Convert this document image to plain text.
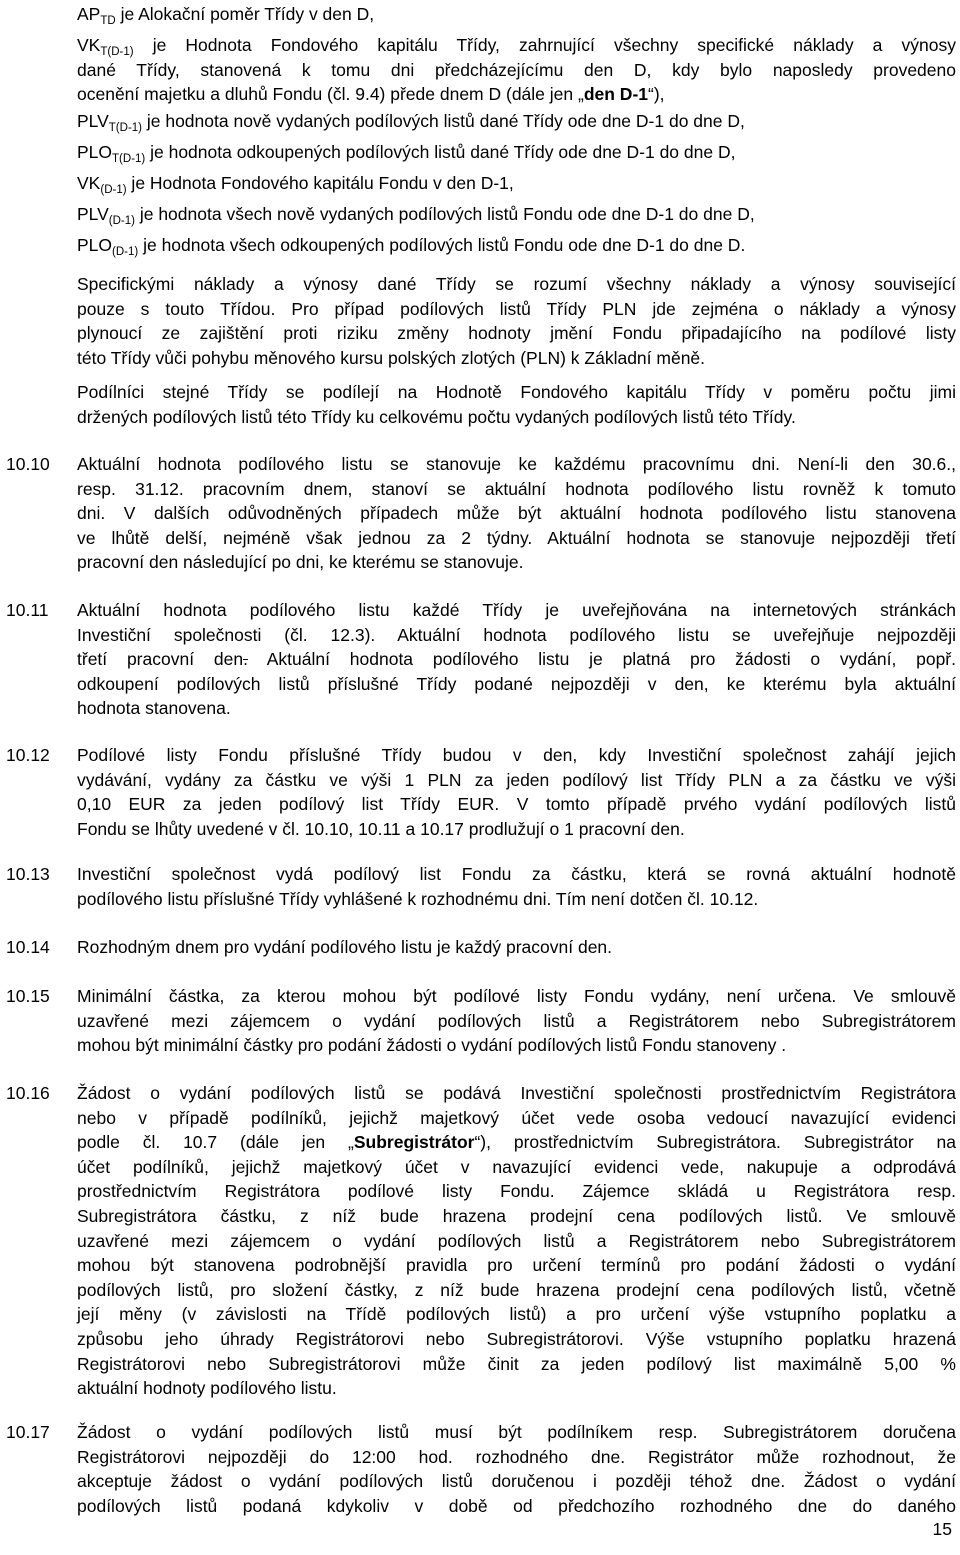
$AP_{TD}$ je Alokační poměr Třídy v den D,
$VK_{T(D-1)}$ je Hodnota Fondového kapitálu Třídy, zahrnující všechny specifické náklady a výnosy
dané Třídy, stanovená k tomu dni předcházejícímu den D, kdy bylo naposledy provedeno
ocenění majetku a dluhů Fondu (čl. 9.4) přede dnem D (dále jen „den D-1“),
$PLV_{T(D-1)}$ je hodnota nově vydaných podílových listů dané Třídy ode dne D-1 do dne D,
$PLO_{T(D-1)}$ je hodnota odkoupených podílových listů dané Třídy ode dne D-1 do dne D,
$VK_{(D-1)}$ je Hodnota Fondového kapitálu Fondu v den D-1,
$PLV_{(D-1)}$ je hodnota všech nově vydaných podílových listů Fondu ode dne D-1 do dne D,
$PLO_{(D-1)}$ je hodnota všech odkoupených podílových listů Fondu ode dne D-1 do dne D.
Specifickými náklady a výnosy dané Třídy se rozumí všechny náklady a výnosy související
pouze s touto Třídou. Pro případ podílových listů Třídy PLN jde zejména o náklady a výnosy
plynoucí ze zajištění proti riziku změny hodnoty jmění Fondu připadajícího na podílové listy
této Třídy vůči pohybu měnového kursu polských zlotých (PLN) k Základní měně.
Podílníci stejné Třídy se podílejí na Hodnotě Fondového kapitálu Třídy v poměru počtu jimi
držených podílových listů této Třídy ku celkovému počtu vydaných podílových listů této Třídy.
10.10 Aktuální hodnota podílového listu se stanovuje ke každému pracovnímu dni. Není-li den 30.6.,
resp. 31.12. pracovním dnem, stanoví se aktuální hodnota podílového listu rovněž k tomuto
dni. V dalších odůvodněných případech může být aktuální hodnota podílového listu stanovena
ve lhůtě delší, nejméně však jednou za 2 týdny. Aktuální hodnota se stanovuje nejpozději třetí
pracovní den následující po dni, ke kterému se stanovuje.
10.11 Aktuální hodnota podílového listu každé Třídy je uveřejňována na internetových stránkách
Investiční společnosti (čl. 12.3). Aktuální hodnota podílového listu se uveřejňuje nejpozději
třetí pracovní den. Aktuální hodnota podílového listu je platná pro žádosti o vydání, popř.
odkoupení podílových listů příslušné Třídy podané nejpozději v den, ke kterému byla aktuální
hodnota stanovena.
10.12 Podílové listy Fondu příslušné Třídy budou v den, kdy Investiční společnost zahájí jejich
vydávání, vydány za částku ve výši 1 PLN za jeden podílový list Třídy PLN a za částku ve výši
0,10 EUR za jeden podílový list Třídy EUR. V tomto případě prvého vydání podílových listů
Fondu se lhůty uvedené v čl. 10.10, 10.11 a 10.17 prodlužují o 1 pracovní den.
10.13 Investiční společnost vydá podílový list Fondu za částku, která se rovná aktuální hodnotě
podílového listu příslušné Třídy vyhlášené k rozhodnému dni. Tím není dotčen čl. 10.12.
10.14 Rozhodným dnem pro vydání podílového listu je každý pracovní den.
10.15 Minimální částka, za kterou mohou být podílové listy Fondu vydány, není určena. Ve smlouvě
uzavřené mezi zájemcem o vydání podílových listů a Registrátorem nebo Subregistrátorem
mohou být minimální částky pro podání žádosti o vydání podílových listů Fondu stanoveny .
10.16 Žádost o vydání podílových listů se podává Investiční společnosti prostřednictvím Registrátora
nebo v případě podílníků, jejichž majetkový účet vede osoba vedoucí navazující evidenci
podle čl. 10.7 (dále jen „Subregistrátor“), prostřednictvím Subregistrátora. Subregistrátor na
účet podílníků, jejichž majetkový účet v navazující evidenci vede, nakupuje a odprodává
prostřednictvím Registrátora podílové listy Fondu. Zájemce skládá u Registrátora resp.
Subregistrátora částku, z níž bude hrazena prodejní cena podílových listů. Ve smlouvě
uzavřené mezi zájemcem o vydání podílových listů a Registrátorem nebo Subregistrátorem
mohou být stanovena podrobnější pravidla pro určení termínů pro podání žádosti o vydání
podílových listů, pro složení částky, z níž bude hrazena prodejní cena podílových listů, včetně
její měny (v závislosti na Třídě podílových listů) a pro určení výše vstupního poplatku a
způsobu jeho úhrady Registrátorovi nebo Subregistrátorovi. Výše vstupního poplatku hrazená
Registrátorovi nebo Subregistrátorovi může činit za jeden podílový list maximálně 5,00 %
aktuální hodnoty podílového listu.
10.17 Žádost o vydání podílových listů musí být podílníkem resp. Subregistrátorem doručena
Registrátorovi nejpozději do 12:00 hod. rozhodného dne. Registrátor může rozhodnout, že
akceptuje žádost o vydání podílových listů doručenou i později téhož dne. Žádost o vydání
podílových listů podaná kdykoliv v době od předchozího rozhodného dne do daného
15
